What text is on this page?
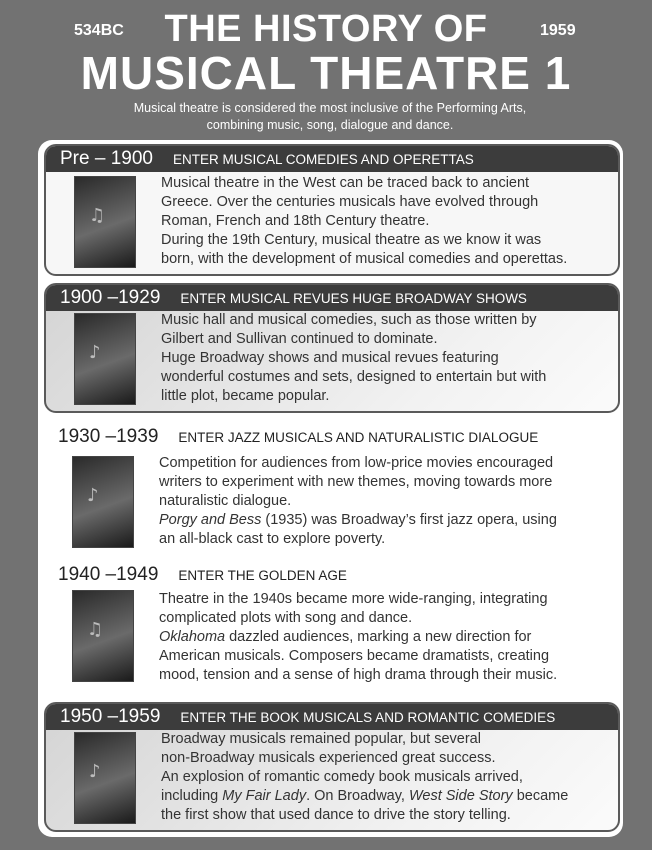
534BC	1959
THE HISTORY OF
MUSICAL THEATRE 1
Musical theatre is considered the most inclusive of the Performing Arts,
combining music, song, dialogue and dance.
Pre – 1900 ENTER MUSICAL COMEDIES AND OPERETTAS
♫

Musical theatre in the West can be traced back to ancient

Greece. Over the centuries musicals have evolved through

Roman, French and 18th Century theatre.

During the 19th Century, musical theatre as we know it was

born, with the development of musical comedies and operettas.

1900 –1929 ENTER MUSICAL REVUES HUGE BROADWAY SHOWS
♪

Music hall and musical comedies, such as those written by

Gilbert and Sullivan continued to dominate.

Huge Broadway shows and musical revues featuring

wonderful costumes and sets, designed to entertain but with

little plot, became popular.

1930 –1939 ENTER JAZZ MUSICALS AND NATURALISTIC DIALOGUE
♪

Competition for audiences from low-price movies encouraged

writers to experiment with new themes, moving towards more

naturalistic dialogue.

Porgy and Bess (1935) was Broadway’s first jazz opera, using

an all-black cast to explore poverty.

1940 –1949 ENTER THE GOLDEN AGE
♫

Theatre in the 1940s became more wide-ranging, integrating

complicated plots with song and dance.

Oklahoma dazzled audiences, marking a new direction for

American musicals. Composers became dramatists, creating

mood, tension and a sense of high drama through their music.

1950 –1959 ENTER THE BOOK MUSICALS AND ROMANTIC COMEDIES
♪

Broadway musicals remained popular, but several

non-Broadway musicals experienced great success.

An explosion of romantic comedy book musicals arrived,

including My Fair Lady. On Broadway, West Side Story became

the first show that used dance to drive the story telling.
